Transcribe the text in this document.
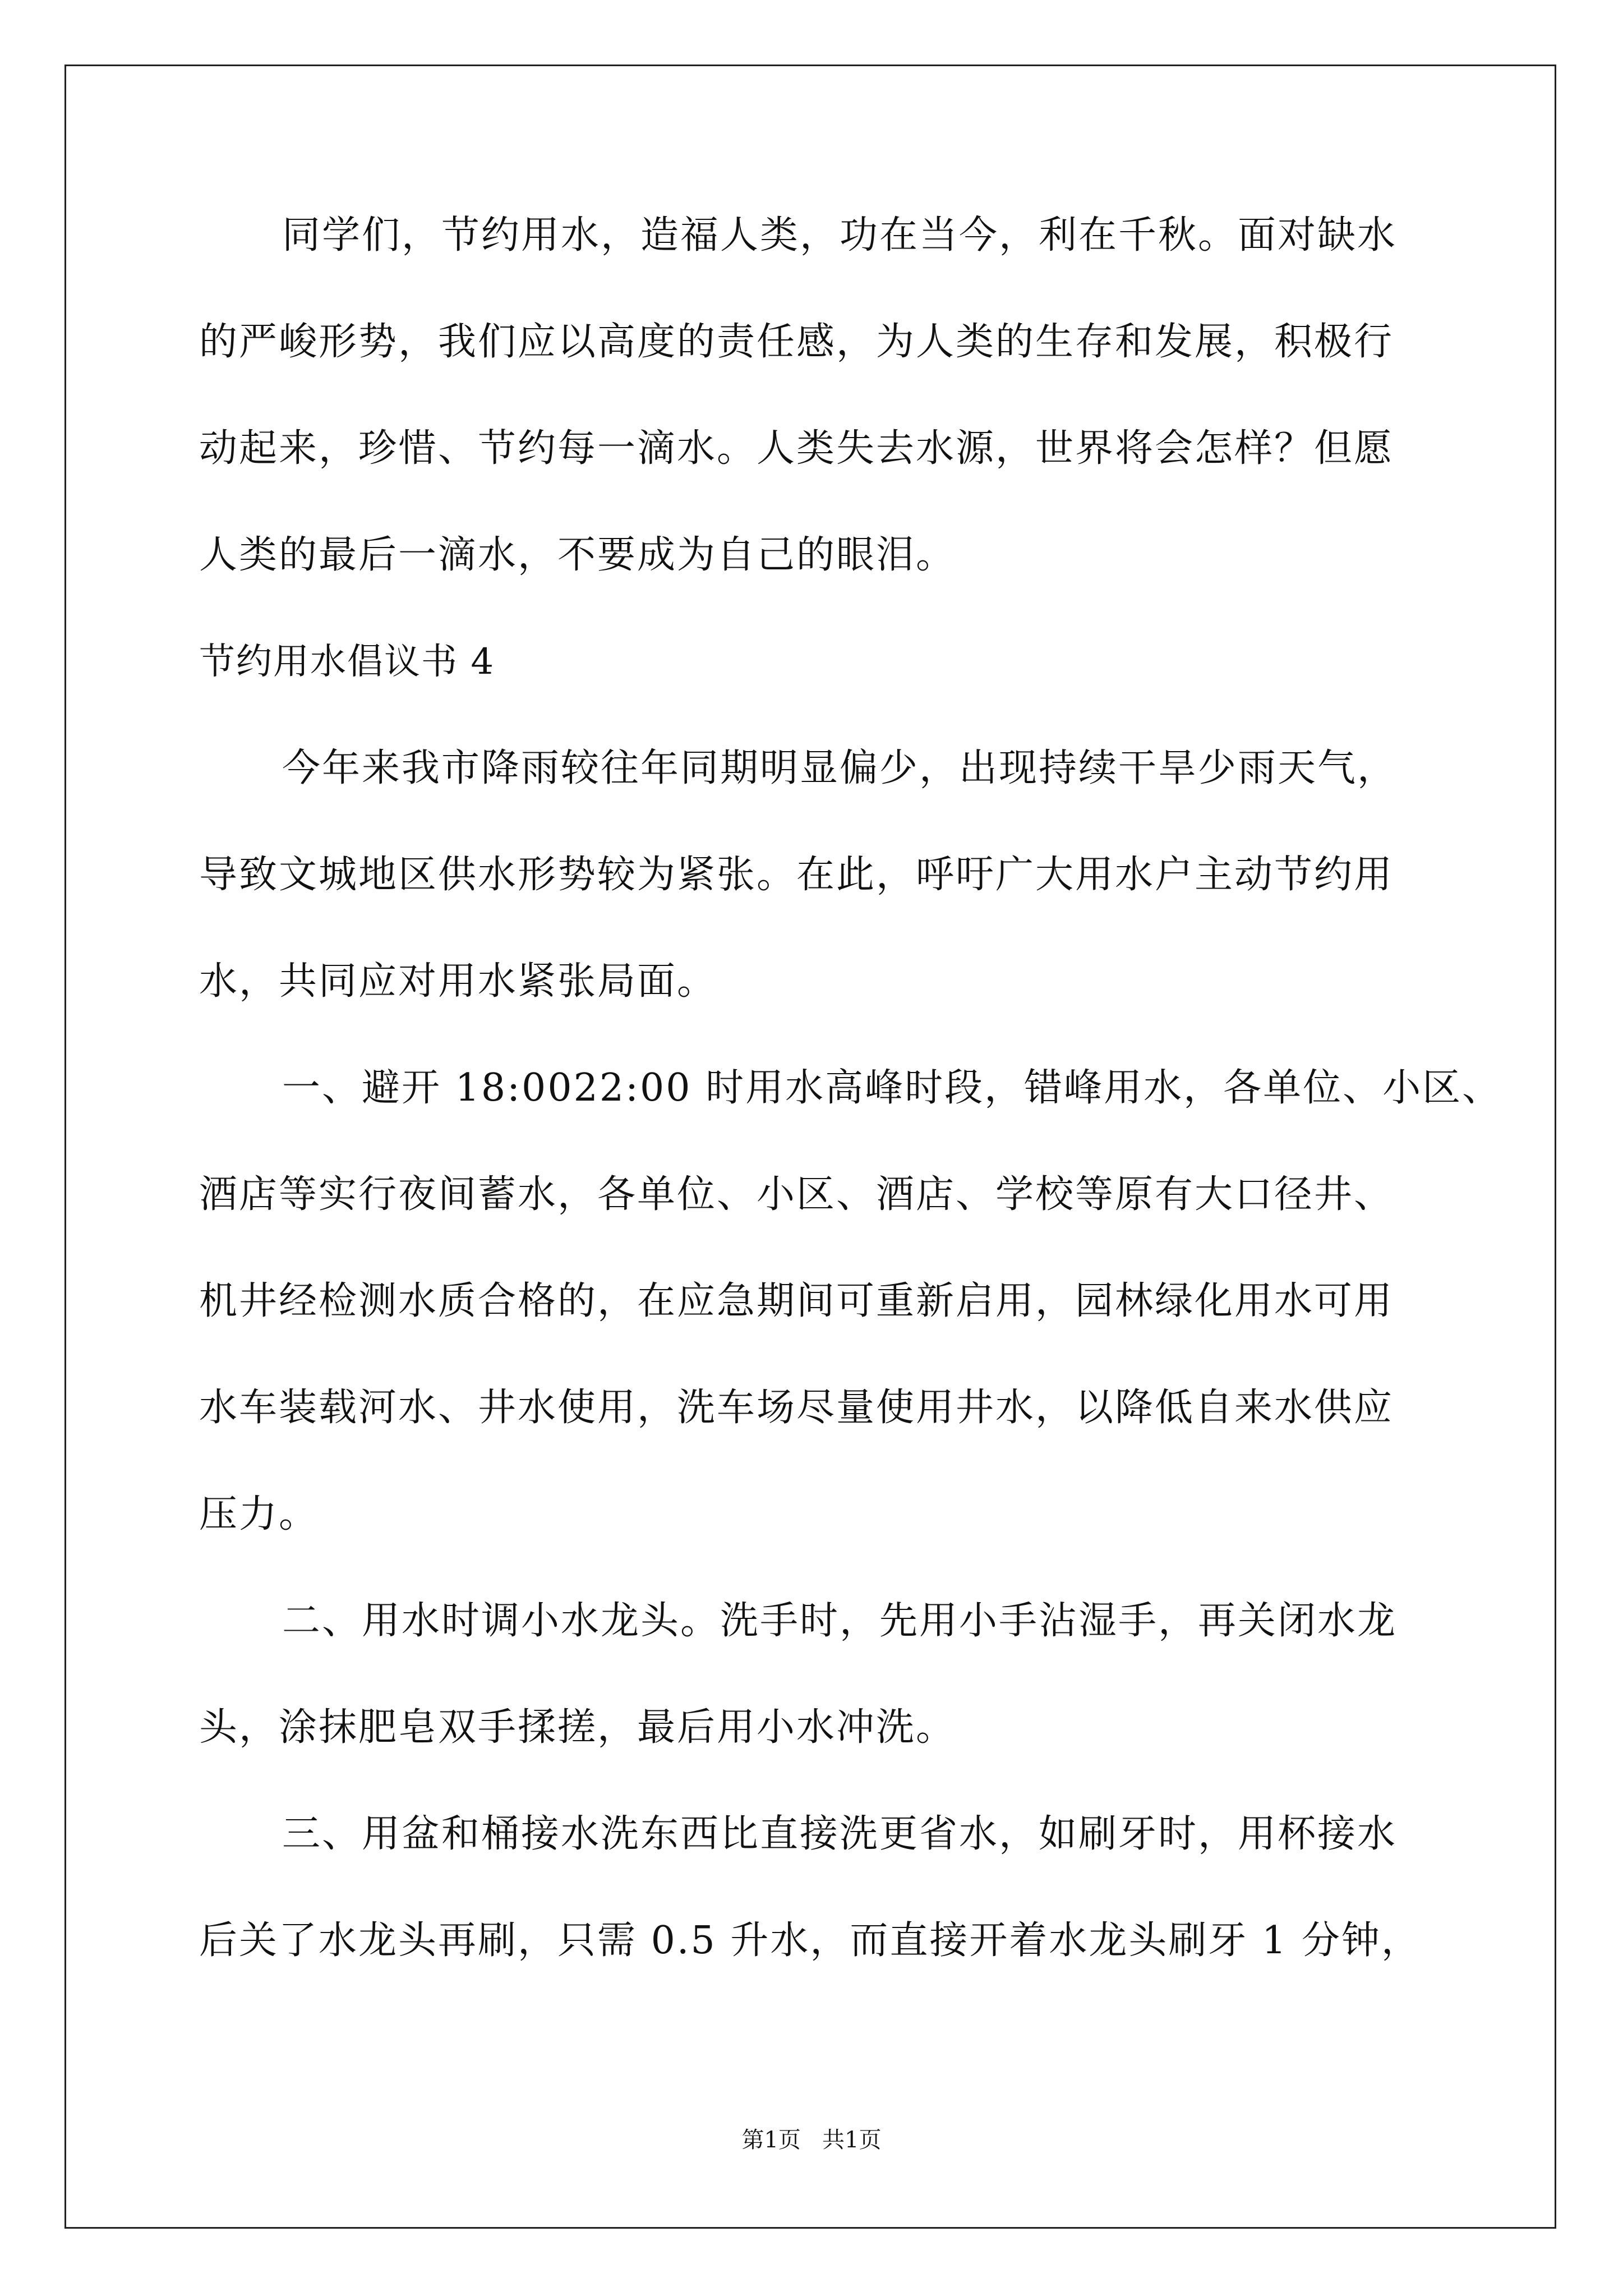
同学们，节约用水，造福人类，功在当今，利在千秋。面对缺水
的严峻形势，我们应以高度的责任感，为人类的生存和发展，积极行
动起来，珍惜、节约每一滴水。人类失去水源，世界将会怎样？但愿
人类的最后一滴水，不要成为自己的眼泪。
节约用水倡议书 4
今年来我市降雨较往年同期明显偏少，出现持续干旱少雨天气，
导致文城地区供水形势较为紧张。在此，呼吁广大用水户主动节约用
水，共同应对用水紧张局面。
一、避开 18:0022:00 时用水高峰时段，错峰用水，各单位、小区、
酒店等实行夜间蓄水，各单位、小区、酒店、学校等原有大口径井、
机井经检测水质合格的，在应急期间可重新启用，园林绿化用水可用
水车装载河水、井水使用，洗车场尽量使用井水，以降低自来水供应
压力。
二、用水时调小水龙头。洗手时，先用小手沾湿手，再关闭水龙
头，涂抹肥皂双手揉搓，最后用小水冲洗。
三、用盆和桶接水洗东西比直接洗更省水，如刷牙时，用杯接水
后关了水龙头再刷，只需 0.5 升水，而直接开着水龙头刷牙 1 分钟，
第1页   共1页
